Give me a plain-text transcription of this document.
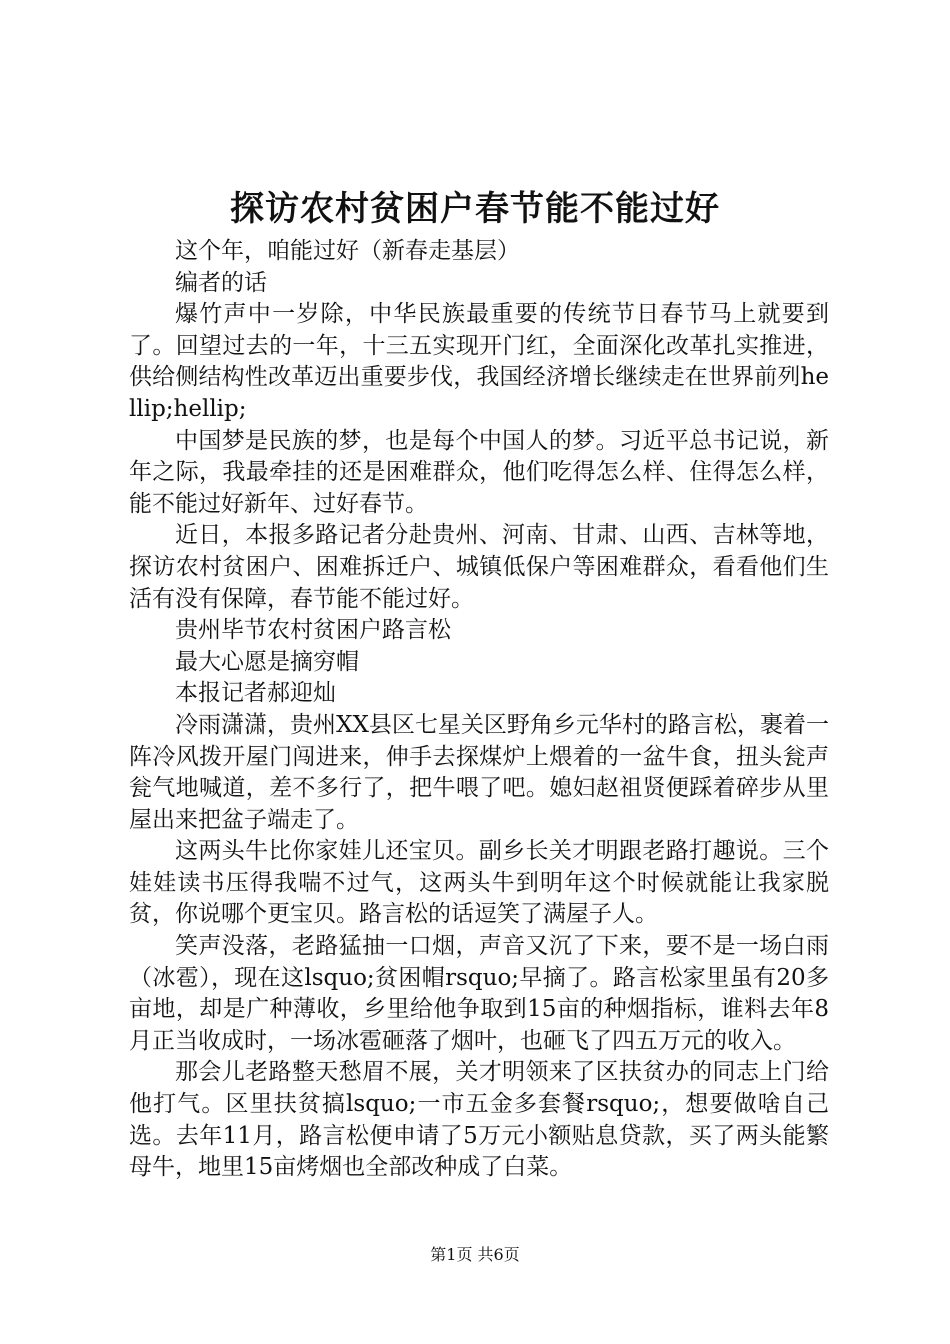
探访农村贫困户春节能不能过好

这个年，咱能过好（新春走基层）

编者的话

爆竹声中一岁除，中华民族最重要的传统节日春节马上就要到了。回望过去的一年，十三五实现开门红，全面深化改革扎实推进，供给侧结构性改革迈出重要步伐，我国经济增长继续走在世界前列hellip;hellip;

中国梦是民族的梦，也是每个中国人的梦。习近平总书记说，新年之际，我最牵挂的还是困难群众，他们吃得怎么样、住得怎么样，能不能过好新年、过好春节。

近日，本报多路记者分赴贵州、河南、甘肃、山西、吉林等地，探访农村贫困户、困难拆迁户、城镇低保户等困难群众，看看他们生活有没有保障，春节能不能过好。

贵州毕节农村贫困户路言松

最大心愿是摘穷帽

本报记者郝迎灿

冷雨潇潇，贵州XX县区七星关区野角乡元华村的路言松，裹着一阵冷风拨开屋门闯进来，伸手去探煤炉上煨着的一盆牛食，扭头瓮声瓮气地喊道，差不多行了，把牛喂了吧。媳妇赵祖贤便踩着碎步从里屋出来把盆子端走了。

这两头牛比你家娃儿还宝贝。副乡长关才明跟老路打趣说。三个娃娃读书压得我喘不过气，这两头牛到明年这个时候就能让我家脱贫，你说哪个更宝贝。路言松的话逗笑了满屋子人。

笑声没落，老路猛抽一口烟，声音又沉了下来，要不是一场白雨（冰雹），现在这lsquo;贫困帽rsquo;早摘了。路言松家里虽有20多亩地，却是广种薄收，乡里给他争取到15亩的种烟指标，谁料去年8月正当收成时，一场冰雹砸落了烟叶，也砸飞了四五万元的收入。

那会儿老路整天愁眉不展，关才明领来了区扶贫办的同志上门给他打气。区里扶贫搞lsquo;一市五金多套餐rsquo;，想要做啥自己选。去年11月，路言松便申请了5万元小额贴息贷款，买了两头能繁母牛，地里15亩烤烟也全部改种成了白菜。

第1页 共6页
